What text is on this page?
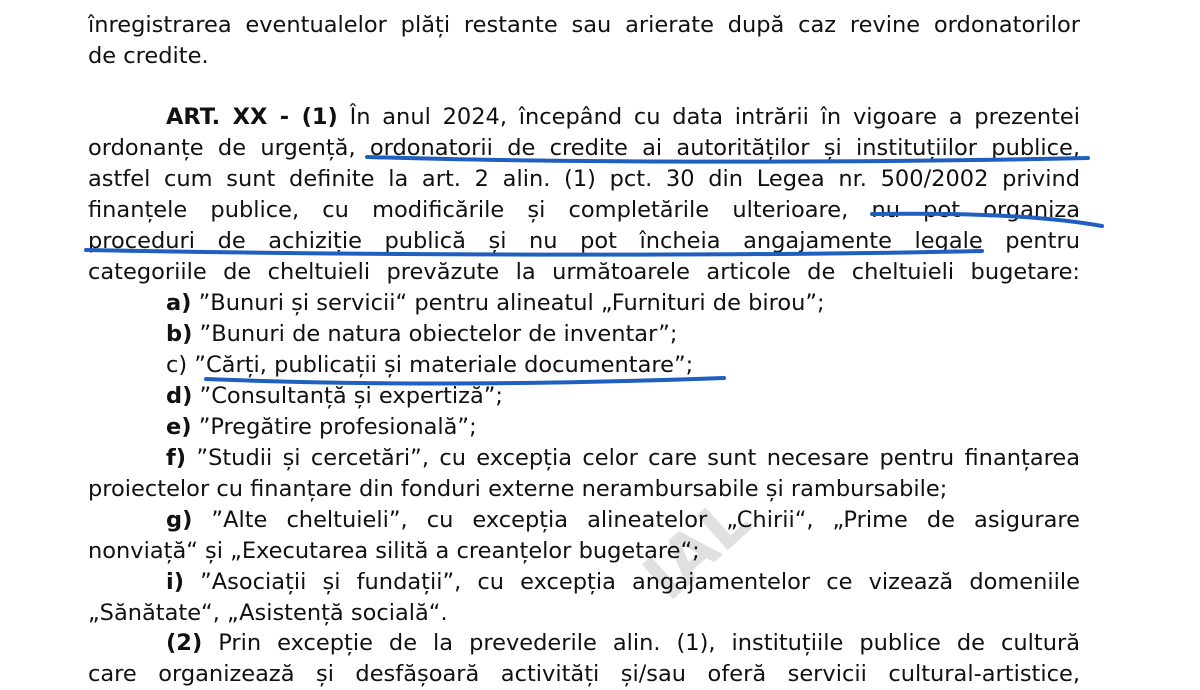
înregistrarea eventualelor plăți restante sau arierate după caz revine ordonatorilor
de credite.
ART. XX - (1) În anul 2024, începând cu data intrării în vigoare a prezentei
ordonanțe de urgență, ordonatorii de credite ai autorităților și instituțiilor publice,
astfel cum sunt definite la art. 2 alin. (1) pct. 30 din Legea nr. 500/2002 privind
finanțele publice, cu modificările și completările ulterioare, nu pot organiza
proceduri de achiziție publică și nu pot încheia angajamente legale pentru
categoriile de cheltuieli prevăzute la următoarele articole de cheltuieli bugetare:
a) ”Bunuri și servicii“ pentru alineatul „Furnituri de birou”;
b) ”Bunuri de natura obiectelor de inventar”;
c) ”Cărți, publicații și materiale documentare”;
d) ”Consultanță și expertiză”;
e) ”Pregătire profesională”;
f) ”Studii și cercetări”, cu excepția celor care sunt necesare pentru finanțarea
proiectelor cu finanțare din fonduri externe nerambursabile și rambursabile;
g) ”Alte cheltuieli”, cu excepția alineatelor „Chirii“, „Prime de asigurare
nonviață“ și „Executarea silită a creanțelor bugetare“;
i) ”Asociații și fundații”, cu excepția angajamentelor ce vizează domeniile
„Sănătate“, „Asistență socială“.
(2) Prin excepție de la prevederile alin. (1), instituțiile publice de cultură
care organizează și desfășoară activități și/sau oferă servicii cultural-artistice,
IAL
